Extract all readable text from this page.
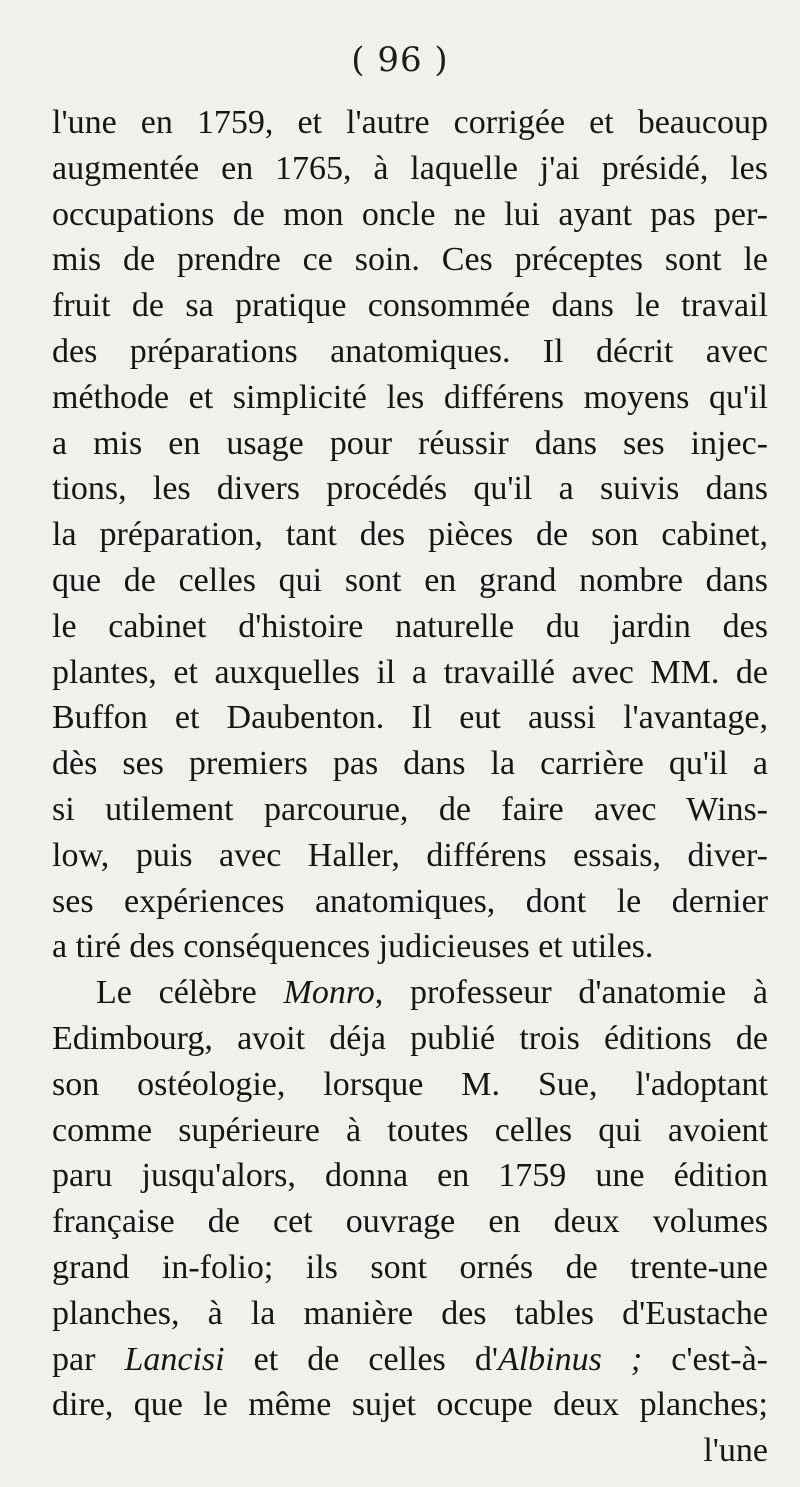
( 96 )
l'une en 1759, et l'autre corrigée et beaucoup
augmentée en 1765, à laquelle j'ai présidé, les
occupations de mon oncle ne lui ayant pas per-
mis de prendre ce soin. Ces préceptes sont le
fruit de sa pratique consommée dans le travail
des préparations anatomiques. Il décrit avec
méthode et simplicité les différens moyens qu'il
a mis en usage pour réussir dans ses injec-
tions, les divers procédés qu'il a suivis dans
la préparation, tant des pièces de son cabinet,
que de celles qui sont en grand nombre dans
le cabinet d'histoire naturelle du jardin des
plantes, et auxquelles il a travaillé avec MM. de
Buffon et Daubenton. Il eut aussi l'avantage,
dès ses premiers pas dans la carrière qu'il a
si utilement parcourue, de faire avec Wins-
low, puis avec Haller, différens essais, diver-
ses expériences anatomiques, dont le dernier
a tiré des conséquences judicieuses et utiles.
Le célèbre Monro, professeur d'anatomie à
Edimbourg, avoit déja publié trois éditions de
son ostéologie, lorsque M. Sue, l'adoptant
comme supérieure à toutes celles qui avoient
paru jusqu'alors, donna en 1759 une édition
française de cet ouvrage en deux volumes
grand in-folio; ils sont ornés de trente-une
planches, à la manière des tables d'Eustache
par Lancisi et de celles d'Albinus ; c'est-à-
dire, que le même sujet occupe deux planches;
l'une
